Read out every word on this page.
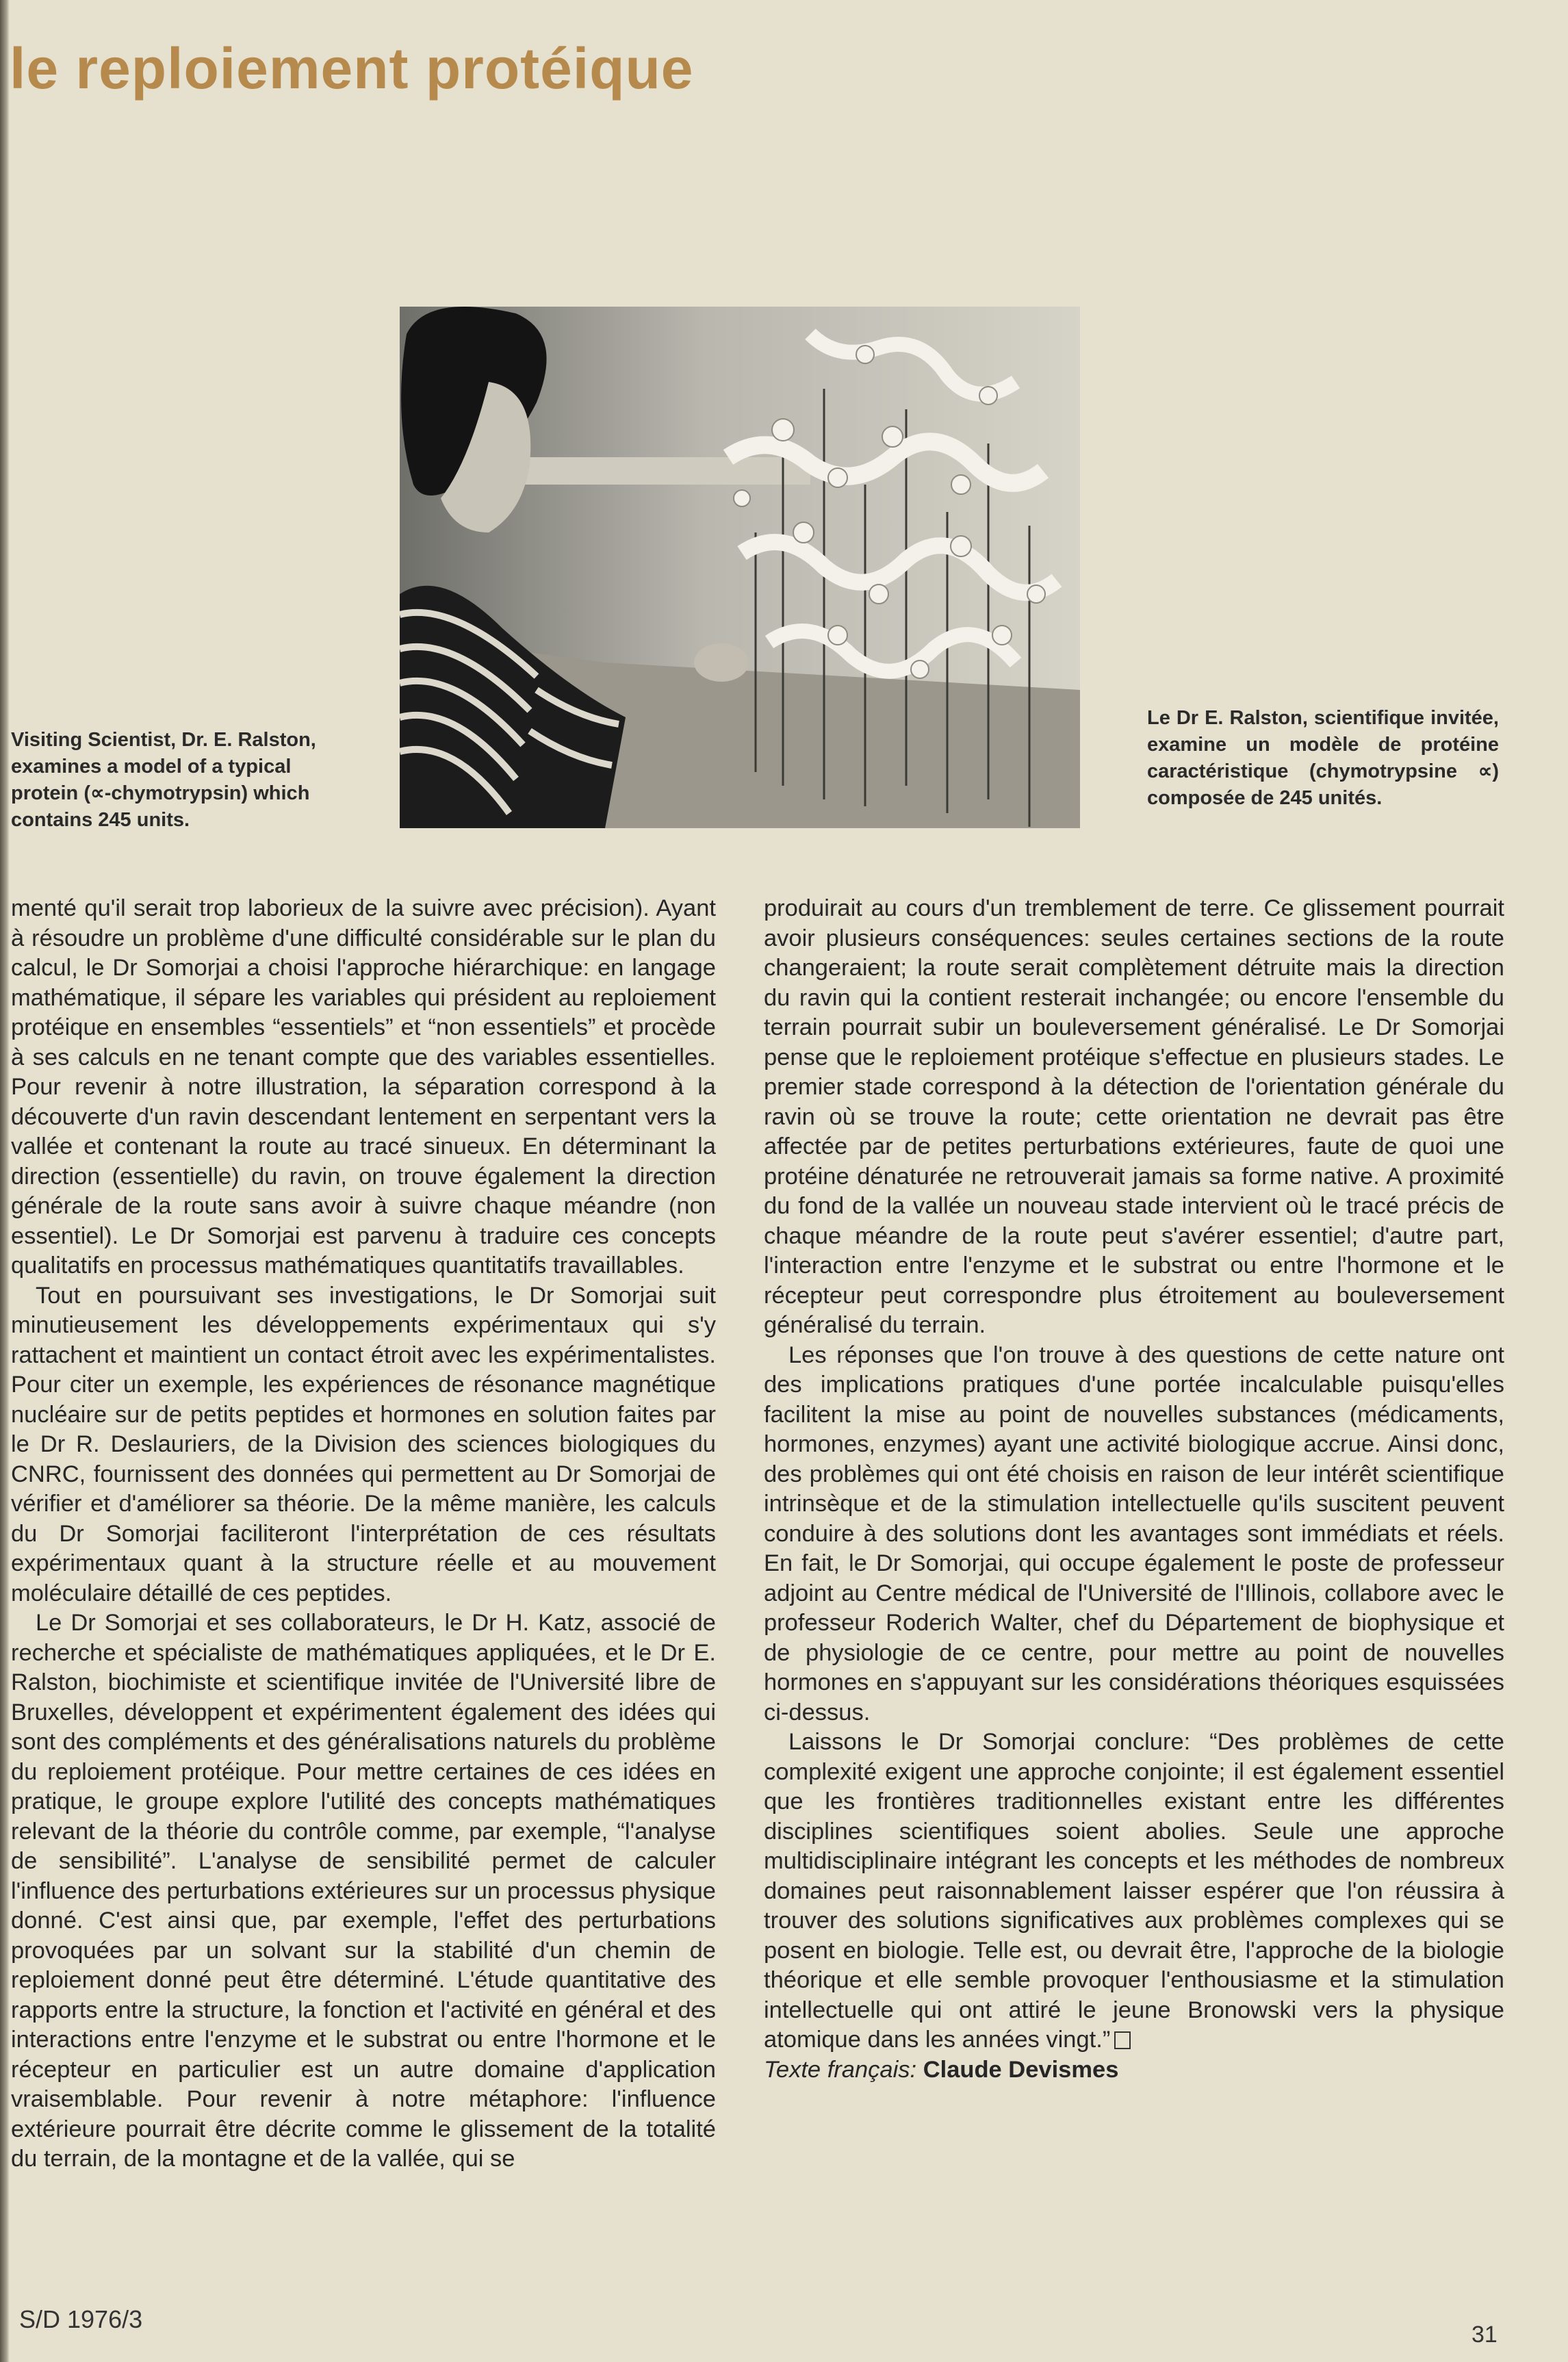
le reploiement protéique

Visiting Scientist, Dr. E. Ralston, examines a model of a typical protein (∝-chymotrypsin) which contains 245 units.

Le Dr E. Ralston, scientifique invitée, examine un modèle de protéine caractéristique (chymotrypsine ∝) composée de 245 unités.

menté qu'il serait trop laborieux de la suivre avec précision). Ayant à résoudre un problème d'une difficulté considérable sur le plan du calcul, le Dr Somorjai a choisi l'approche hiérarchique: en langage mathématique, il sépare les variables qui président au reploiement protéique en ensembles “essentiels” et “non essentiels” et procède à ses calculs en ne tenant compte que des variables essentielles. Pour revenir à notre illustration, la séparation correspond à la découverte d'un ravin descendant lentement en serpentant vers la vallée et contenant la route au tracé sinueux. En déterminant la direction (essentielle) du ravin, on trouve également la direction générale de la route sans avoir à suivre chaque méandre (non essentiel). Le Dr Somorjai est parvenu à traduire ces concepts qualitatifs en processus mathématiques quantitatifs travaillables.

Tout en poursuivant ses investigations, le Dr Somorjai suit minutieusement les développements expérimentaux qui s'y rattachent et maintient un contact étroit avec les expérimentalistes. Pour citer un exemple, les expériences de résonance magnétique nucléaire sur de petits peptides et hormones en solution faites par le Dr R. Deslauriers, de la Division des sciences biologiques du CNRC, fournissent des données qui permettent au Dr Somorjai de vérifier et d'améliorer sa théorie. De la même manière, les calculs du Dr Somorjai faciliteront l'interprétation de ces résultats expérimentaux quant à la structure réelle et au mouvement moléculaire détaillé de ces peptides.

Le Dr Somorjai et ses collaborateurs, le Dr H. Katz, associé de recherche et spécialiste de mathématiques appliquées, et le Dr E. Ralston, biochimiste et scientifique invitée de l'Université libre de Bruxelles, développent et expérimentent également des idées qui sont des compléments et des généralisations naturels du problème du reploiement protéique. Pour mettre certaines de ces idées en pratique, le groupe explore l'utilité des concepts mathématiques relevant de la théorie du contrôle comme, par exemple, “l'analyse de sensibilité”. L'analyse de sensibilité permet de calculer l'influence des perturbations extérieures sur un processus physique donné. C'est ainsi que, par exemple, l'effet des perturbations provoquées par un solvant sur la stabilité d'un chemin de reploiement donné peut être déterminé. L'étude quantitative des rapports entre la structure, la fonction et l'activité en général et des interactions entre l'enzyme et le substrat ou entre l'hormone et le récepteur en particulier est un autre domaine d'application vraisemblable. Pour revenir à notre métaphore: l'influence extérieure pourrait être décrite comme le glissement de la totalité du terrain, de la montagne et de la vallée, qui se

produirait au cours d'un tremblement de terre. Ce glissement pourrait avoir plusieurs conséquences: seules certaines sections de la route changeraient; la route serait complètement détruite mais la direction du ravin qui la contient resterait inchangée; ou encore l'ensemble du terrain pourrait subir un bouleversement généralisé. Le Dr Somorjai pense que le reploiement protéique s'effectue en plusieurs stades. Le premier stade correspond à la détection de l'orientation générale du ravin où se trouve la route; cette orientation ne devrait pas être affectée par de petites perturbations extérieures, faute de quoi une protéine dénaturée ne retrouverait jamais sa forme native. A proximité du fond de la vallée un nouveau stade intervient où le tracé précis de chaque méandre de la route peut s'avérer essentiel; d'autre part, l'interaction entre l'enzyme et le substrat ou entre l'hormone et le récepteur peut correspondre plus étroitement au bouleversement généralisé du terrain.

Les réponses que l'on trouve à des questions de cette nature ont des implications pratiques d'une portée incalculable puisqu'elles facilitent la mise au point de nouvelles substances (médicaments, hormones, enzymes) ayant une activité biologique accrue. Ainsi donc, des problèmes qui ont été choisis en raison de leur intérêt scientifique intrinsèque et de la stimulation intellectuelle qu'ils suscitent peuvent conduire à des solutions dont les avantages sont immédiats et réels. En fait, le Dr Somorjai, qui occupe également le poste de professeur adjoint au Centre médical de l'Université de l'Illinois, collabore avec le professeur Roderich Walter, chef du Département de biophysique et de physiologie de ce centre, pour mettre au point de nouvelles hormones en s'appuyant sur les considérations théoriques esquissées ci-dessus.

Laissons le Dr Somorjai conclure: “Des problèmes de cette complexité exigent une approche conjointe; il est également essentiel que les frontières traditionnelles existant entre les différentes disciplines scientifiques soient abolies. Seule une approche multidisciplinaire intégrant les concepts et les méthodes de nombreux domaines peut raisonnablement laisser espérer que l'on réussira à trouver des solutions significatives aux problèmes complexes qui se posent en biologie. Telle est, ou devrait être, l'approche de la biologie théorique et elle semble provoquer l'enthousiasme et la stimulation intellectuelle qui ont attiré le jeune Bronowski vers la physique atomique dans les années vingt.”

Texte français: Claude Devismes

S/D 1976/3
31
